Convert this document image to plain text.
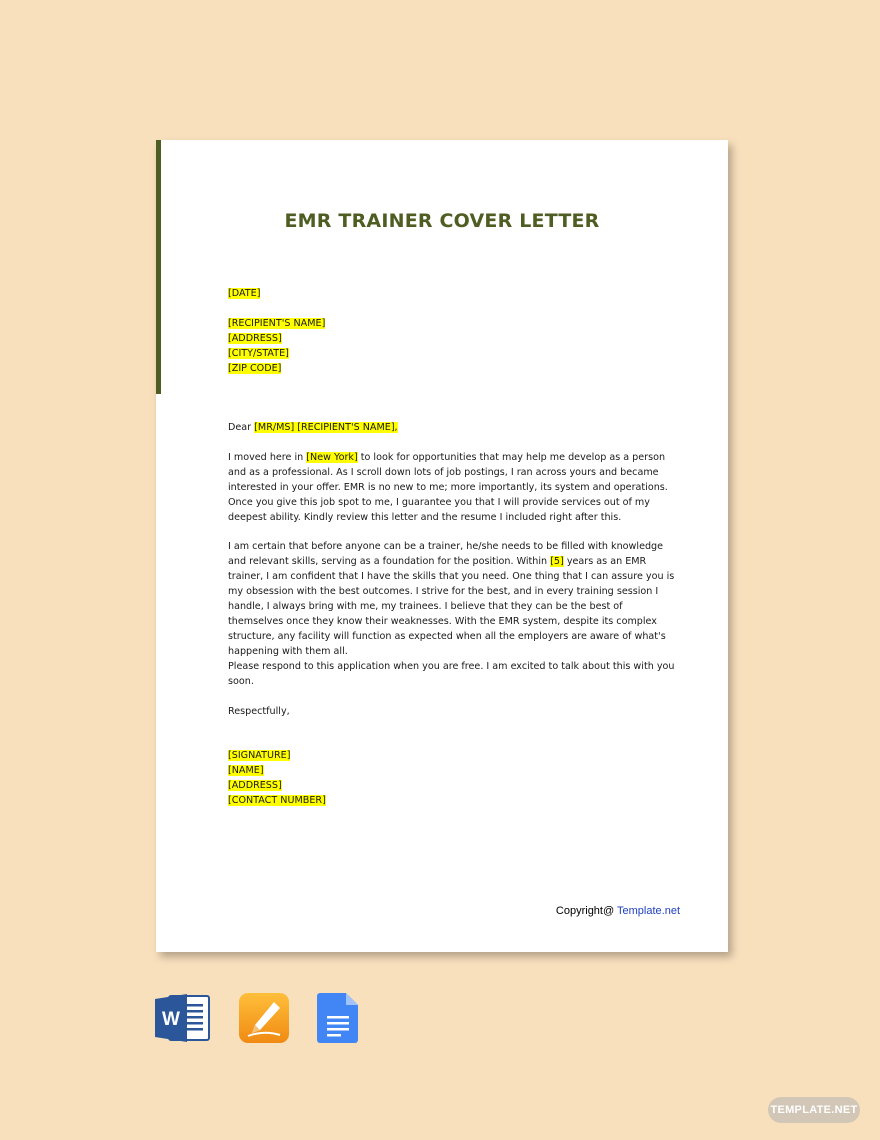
EMR TRAINER COVER LETTER
[DATE]
[RECIPIENT'S NAME]
[ADDRESS]
[CITY/STATE]
[ZIP CODE]
Dear [MR/MS] [RECIPIENT'S NAME],

I moved here in [New York] to look for opportunities that may help me develop as a person and as a professional. As I scroll down lots of job postings, I ran across yours and became interested in your offer. EMR is no new to me; more importantly, its system and operations. Once you give this job spot to me, I guarantee you that I will provide services out of my deepest ability. Kindly review this letter and the resume I included right after this.

I am certain that before anyone can be a trainer, he/she needs to be filled with knowledge and relevant skills, serving as a foundation for the position. Within [5] years as an EMR trainer, I am confident that I have the skills that you need. One thing that I can assure you is my obsession with the best outcomes. I strive for the best, and in every training session I handle, I always bring with me, my trainees. I believe that they can be the best of themselves once they know their weaknesses. With the EMR system, despite its complex structure, any facility will function as expected when all the employers are aware of what's happening with them all.

Please respond to this application when you are free. I am excited to talk about this with you soon.

Respectfully,
[SIGNATURE]
[NAME]
[ADDRESS]
[CONTACT NUMBER]
Copyright@ Template.net
W
TEMPLATE.NET
